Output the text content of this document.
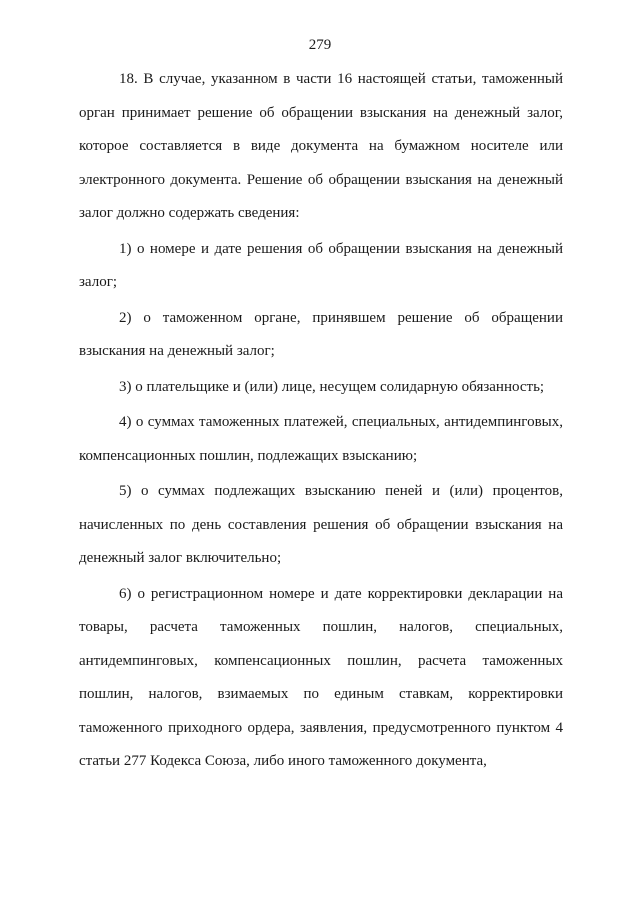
279

18. В случае, указанном в части 16 настоящей статьи, таможенный орган принимает решение об обращении взыскания на денежный залог, которое составляется в виде документа на бумажном носителе или электронного документа. Решение об обращении взыскания на денежный залог должно содержать сведения:

1) о номере и дате решения об обращении взыскания на денежный залог;

2) о таможенном органе, принявшем решение об обращении взыскания на денежный залог;

3) о плательщике и (или) лице, несущем солидарную обязанность;

4) о суммах таможенных платежей, специальных, антидемпинговых, компенсационных пошлин, подлежащих взысканию;

5) о суммах подлежащих взысканию пеней и (или) процентов, начисленных по день составления решения об обращении взыскания на денежный залог включительно;

6) о регистрационном номере и дате корректировки декларации на товары, расчета таможенных пошлин, налогов, специальных, антидемпинговых, компенсационных пошлин, расчета таможенных пошлин, налогов, взимаемых по единым ставкам, корректировки таможенного приходного ордера, заявления, предусмотренного пунктом 4 статьи 277 Кодекса Союза, либо иного таможенного документа,
